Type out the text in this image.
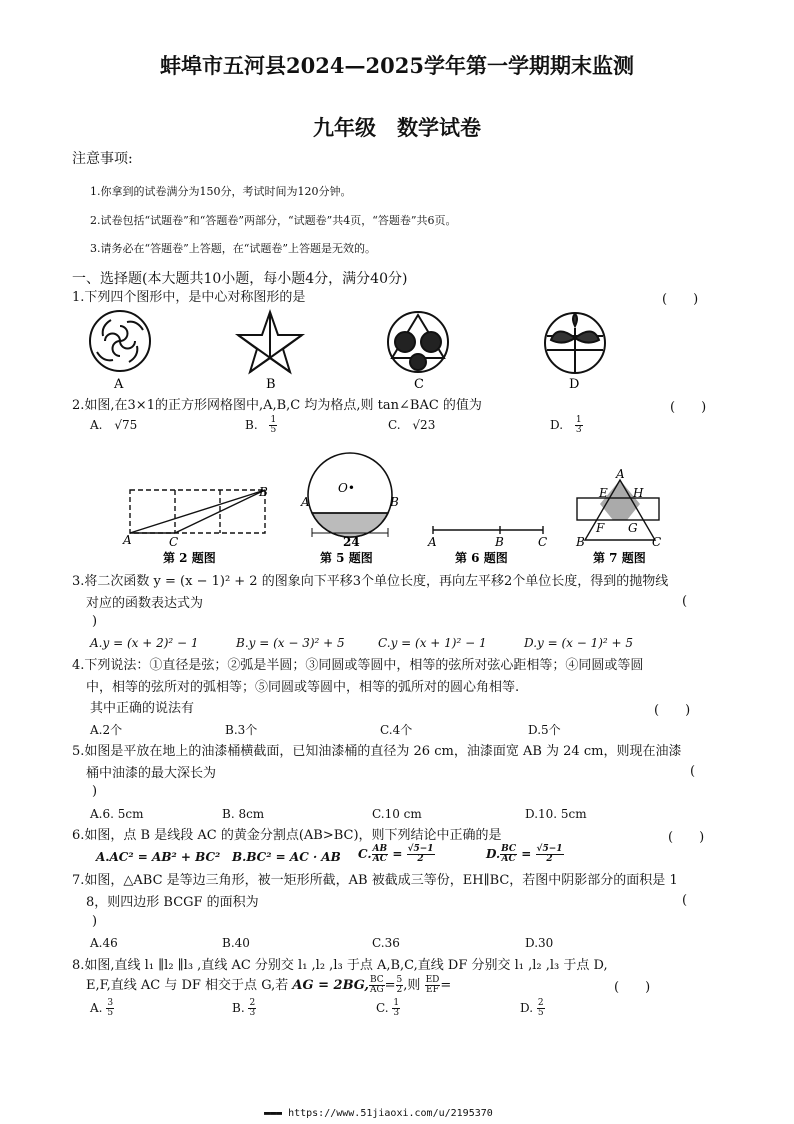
蚌埠市五河县2024—2025学年第一学期期末监测
九年级　数学试卷
注意事项:
1.你拿到的试卷满分为150分，考试时间为120分钟。
2.试卷包括“试题卷”和“答题卷”两部分，“试题卷”共4页，“答题卷”共6页。
3.请务必在“答题卷”上答题，在“试题卷”上答题是无效的。
一、选择题(本大题共10小题，每小题4分，满分40分)
1.下列四个图形中，是中心对称图形的是	(　　)
A	B	C	D
2.如图,在3×1的正方形网格图中,A,B,C 均为格点,则 tan∠BAC 的值为	(　　)
A. √75	B. $\frac{1}{5}$	C. √23	D. $\frac{1}{3}$
A
B
C
第 2 题图
O•
A	B
24
第 5 题图
A	B	C
第 6 题图
A
E H
F G
B	C
第 7 题图
3.将二次函数 y = (x − 1)² + 2 的图象向下平移3个单位长度，再向左平移2个单位长度，得到的抛物线
对应的函数表达式为	(
)
A.y = (x + 2)² − 1	B.y = (x − 3)² + 5	C.y = (x + 1)² − 1	D.y = (x − 1)² + 5
4.下列说法：①直径是弦；②弧是半圆；③同圆或等圆中，相等的弦所对弦心距相等；④同圆或等圆
中，相等的弦所对的弧相等；⑤同圆或等圆中，相等的弧所对的圆心角相等.
其中正确的说法有	(　　)
A.2个	B.3个	C.4个	D.5个
5.如图是平放在地上的油漆桶横截面，已知油漆桶的直径为 26 cm，油漆面宽 AB 为 24 cm，则现在油漆
桶中油漆的最大深长为	(
)
A.6. 5cm	B. 8cm	C.10 cm	D.10. 5cm
6.如图，点 B 是线段 AC 的黄金分割点(AB>BC)，则下列结论中正确的是	(　　)
A.AC² = AB² + BC² B.BC² = AC · AB C. $\frac{AB}{AC} = \frac{√5-1}{2}$	D. $\frac{BC}{AC} = \frac{√5-1}{2}$
7.如图，△ABC 是等边三角形，被一矩形所截，AB 被截成三等份，EH∥BC，若图中阴影部分的面积是 1
8，则四边形 BCGF 的面积为	(
)
A.46	B.40	C.36	D.30
8.如图,直线 l₁ ∥l₂ ∥l₃ ,直线 AC 分别交 l₁ ,l₂ ,l₃ 于点 A,B,C,直线 DF 分别交 l₁ ,l₂ ,l₃ 于点 D,
E,F,直线 AC 与 DF 相交于点 G,若 AG = 2BG, $\frac{BC}{AG} = \frac{5}{2}$ ,则 $\frac{ED}{EF}$ =	(　　)
A. $\frac{3}{5}$	B. $\frac{2}{3}$	C. $\frac{1}{3}$	D. $\frac{2}{5}$
▬▬▬ https://www.51jiaoxi.com/u/2195370
